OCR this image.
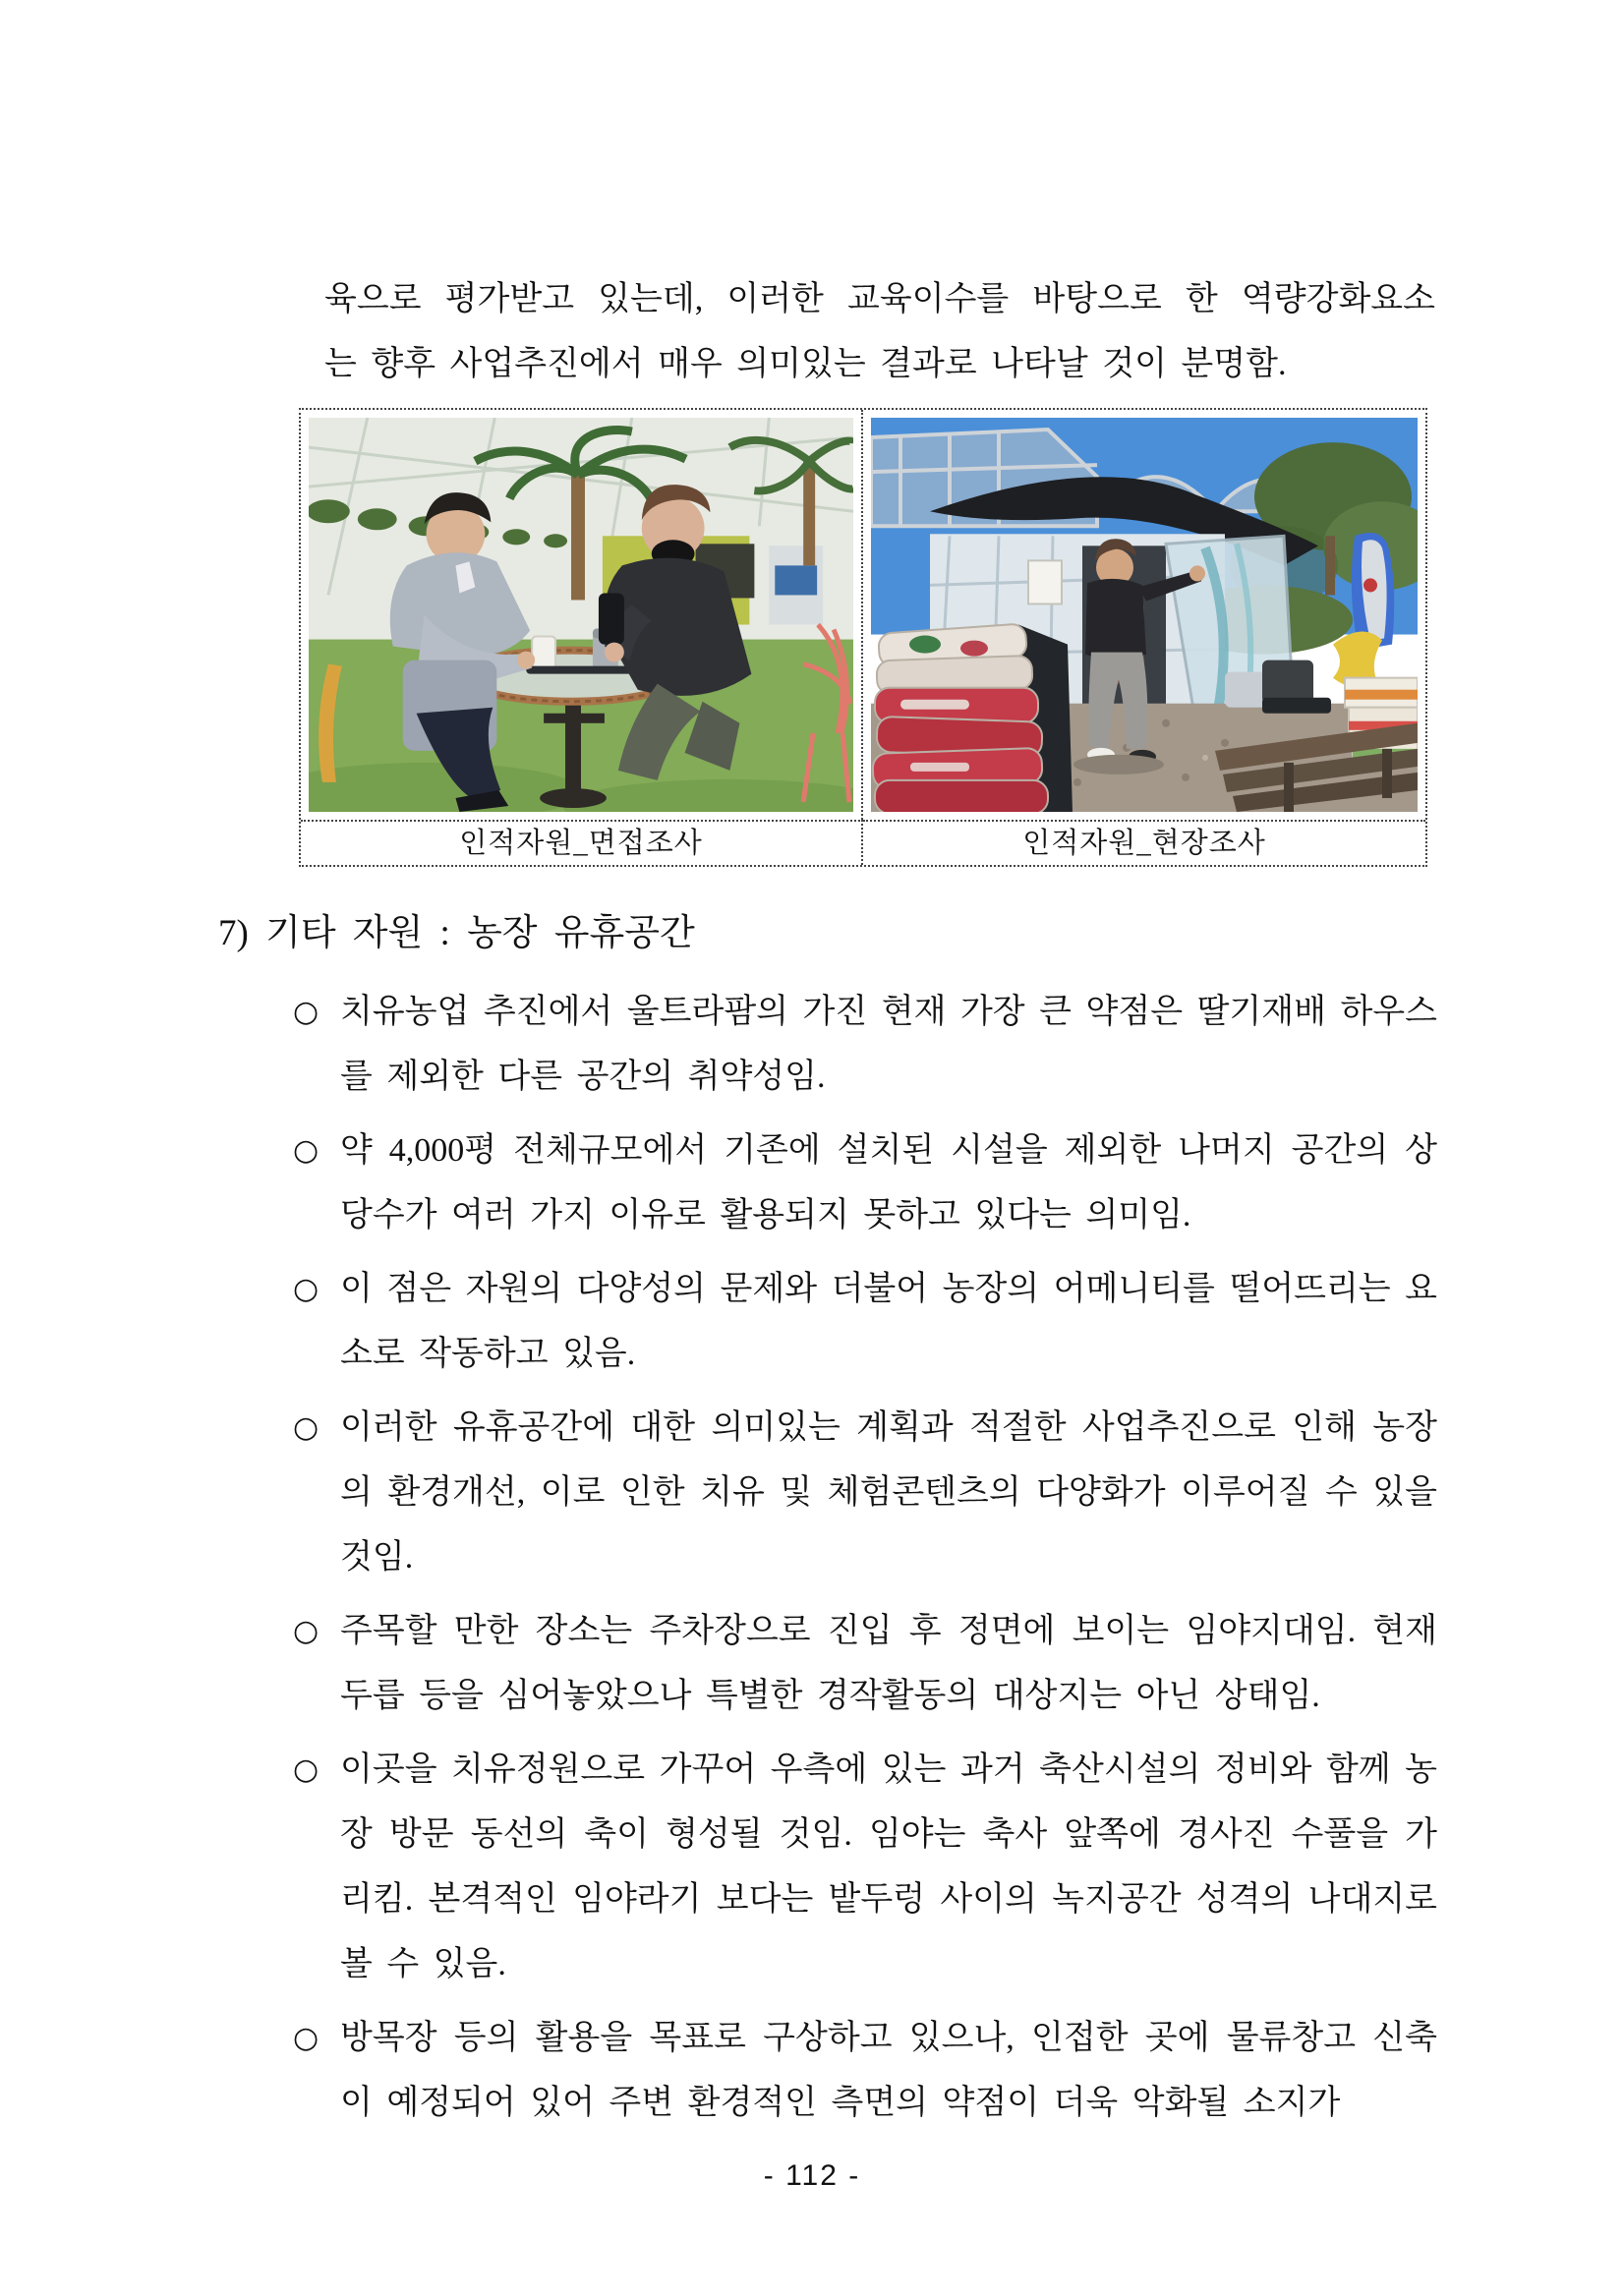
육으로 평가받고 있는데, 이러한 교육이수를 바탕으로 한 역량강화요소
는 향후 사업추진에서 매우 의미있는 결과로 나타날 것이 분명함.
인적자원_면접조사	인적자원_현장조사
7) 기타 자원 : 농장 유휴공간
○ 치유농업 추진에서 울트라팜의 가진 현재 가장 큰 약점은 딸기재배 하우스를 제외한 다른 공간의 취약성임.
○ 약 4,000평 전체규모에서 기존에 설치된 시설을 제외한 나머지 공간의 상당수가 여러 가지 이유로 활용되지 못하고 있다는 의미임.
○ 이 점은 자원의 다양성의 문제와 더불어 농장의 어메니티를 떨어뜨리는 요소로 작동하고 있음.
○ 이러한 유휴공간에 대한 의미있는 계획과 적절한 사업추진으로 인해 농장의 환경개선, 이로 인한 치유 및 체험콘텐츠의 다양화가 이루어질 수 있을 것임.
○ 주목할 만한 장소는 주차장으로 진입 후 정면에 보이는 임야지대임. 현재 두릅 등을 심어놓았으나 특별한 경작활동의 대상지는 아닌 상태임.
○ 이곳을 치유정원으로 가꾸어 우측에 있는 과거 축산시설의 정비와 함께 농장 방문 동선의 축이 형성될 것임. 임야는 축사 앞쪽에 경사진 수풀을 가리킴. 본격적인 임야라기 보다는 밭두렁 사이의 녹지공간 성격의 나대지로 볼 수 있음.
○ 방목장 등의 활용을 목표로 구상하고 있으나, 인접한 곳에 물류창고 신축이 예정되어 있어 주변 환경적인 측면의 약점이 더욱 악화될 소지가
- 112 -
